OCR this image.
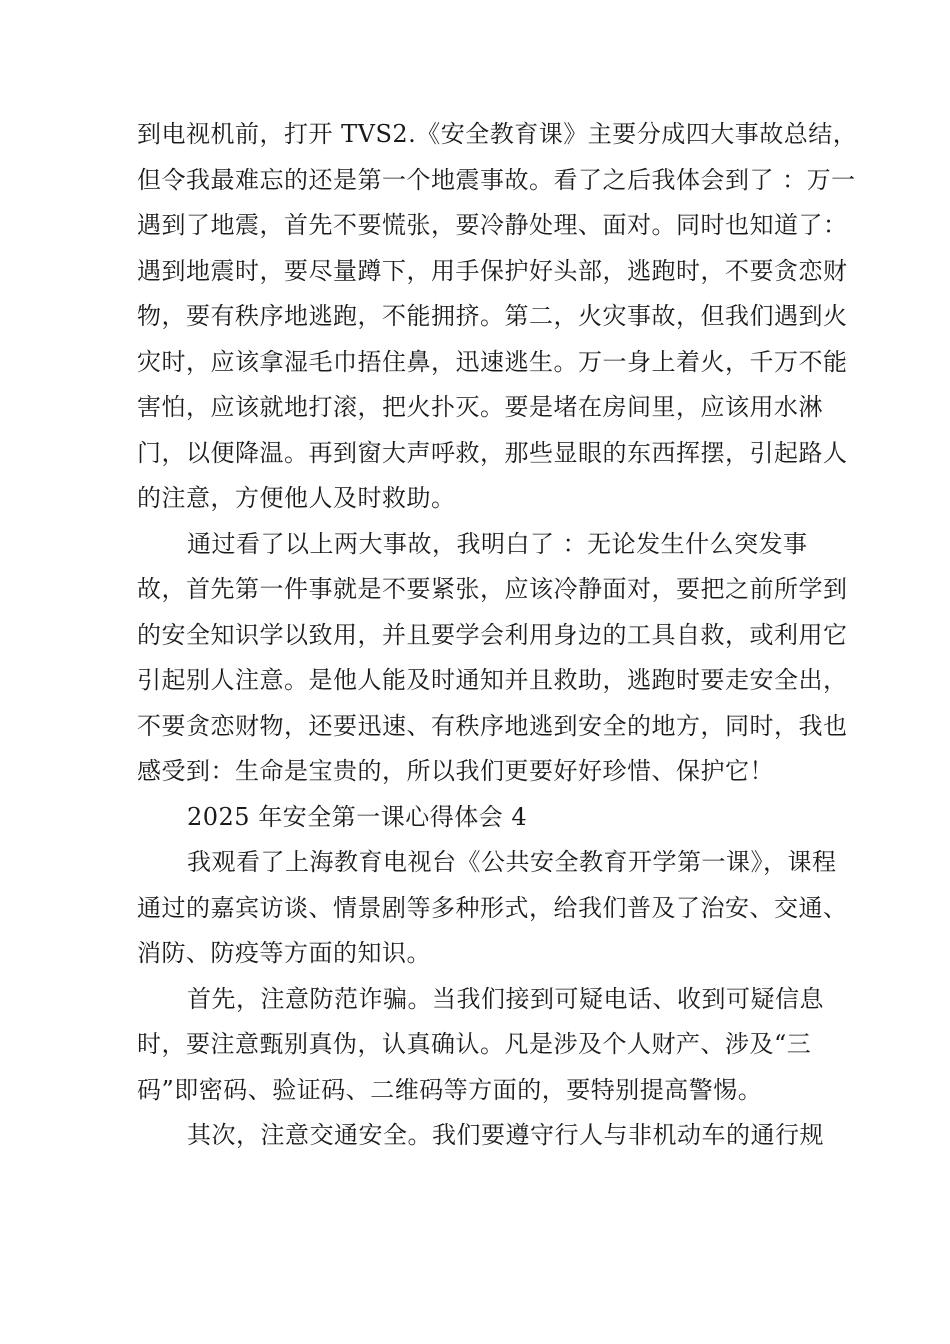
到电视机前，打开 TVS2.《安全教育课》主要分成四大事故总结，
但令我最难忘的还是第一个地震事故。看了之后我体会到了 ：万一
遇到了地震，首先不要慌张，要冷静处理、面对。同时也知道了：
遇到地震时，要尽量蹲下，用手保护好头部，逃跑时，不要贪恋财
物，要有秩序地逃跑，不能拥挤。第二，火灾事故，但我们遇到火
灾时，应该拿湿毛巾捂住鼻，迅速逃生。万一身上着火，千万不能
害怕，应该就地打滚，把火扑灭。要是堵在房间里，应该用水淋
门，以便降温。再到窗大声呼救，那些显眼的东西挥摆，引起路人
的注意，方便他人及时救助。
通过看了以上两大事故，我明白了 ：无论发生什么突发事
故，首先第一件事就是不要紧张，应该冷静面对，要把之前所学到
的安全知识学以致用，并且要学会利用身边的工具自救，或利用它
引起别人注意。是他人能及时通知并且救助，逃跑时要走安全出，
不要贪恋财物，还要迅速、有秩序地逃到安全的地方，同时，我也
感受到：生命是宝贵的，所以我们更要好好珍惜、保护它！
2025 年安全第一课心得体会 4
我观看了上海教育电视台《公共安全教育开学第一课》，课程
通过的嘉宾访谈、情景剧等多种形式，给我们普及了治安、交通、
消防、防疫等方面的知识。
首先，注意防范诈骗。当我们接到可疑电话、收到可疑信息
时，要注意甄别真伪，认真确认。凡是涉及个人财产、涉及“三
码”即密码、验证码、二维码等方面的，要特别提高警惕。
其次，注意交通安全。我们要遵守行人与非机动车的通行规
